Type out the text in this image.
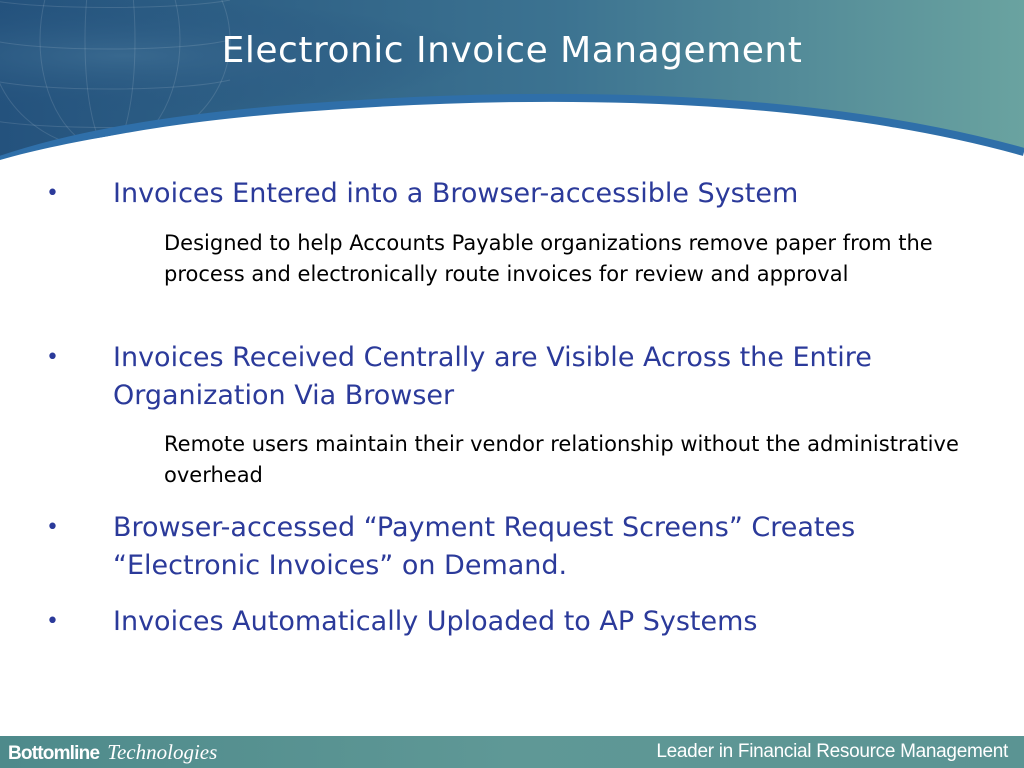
Electronic Invoice Management
• Invoices Entered into a Browser-accessible System
Designed to help Accounts Payable organizations remove paper from the process and electronically route invoices for review and approval
• Invoices Received Centrally are Visible Across the Entire Organization Via Browser
Remote users maintain their vendor relationship without the administrative overhead
• Browser-accessed “Payment Request Screens” Creates “Electronic Invoices” on Demand.
• Invoices Automatically Uploaded to AP Systems
Bottomline Technologies	Leader in Financial Resource Management
